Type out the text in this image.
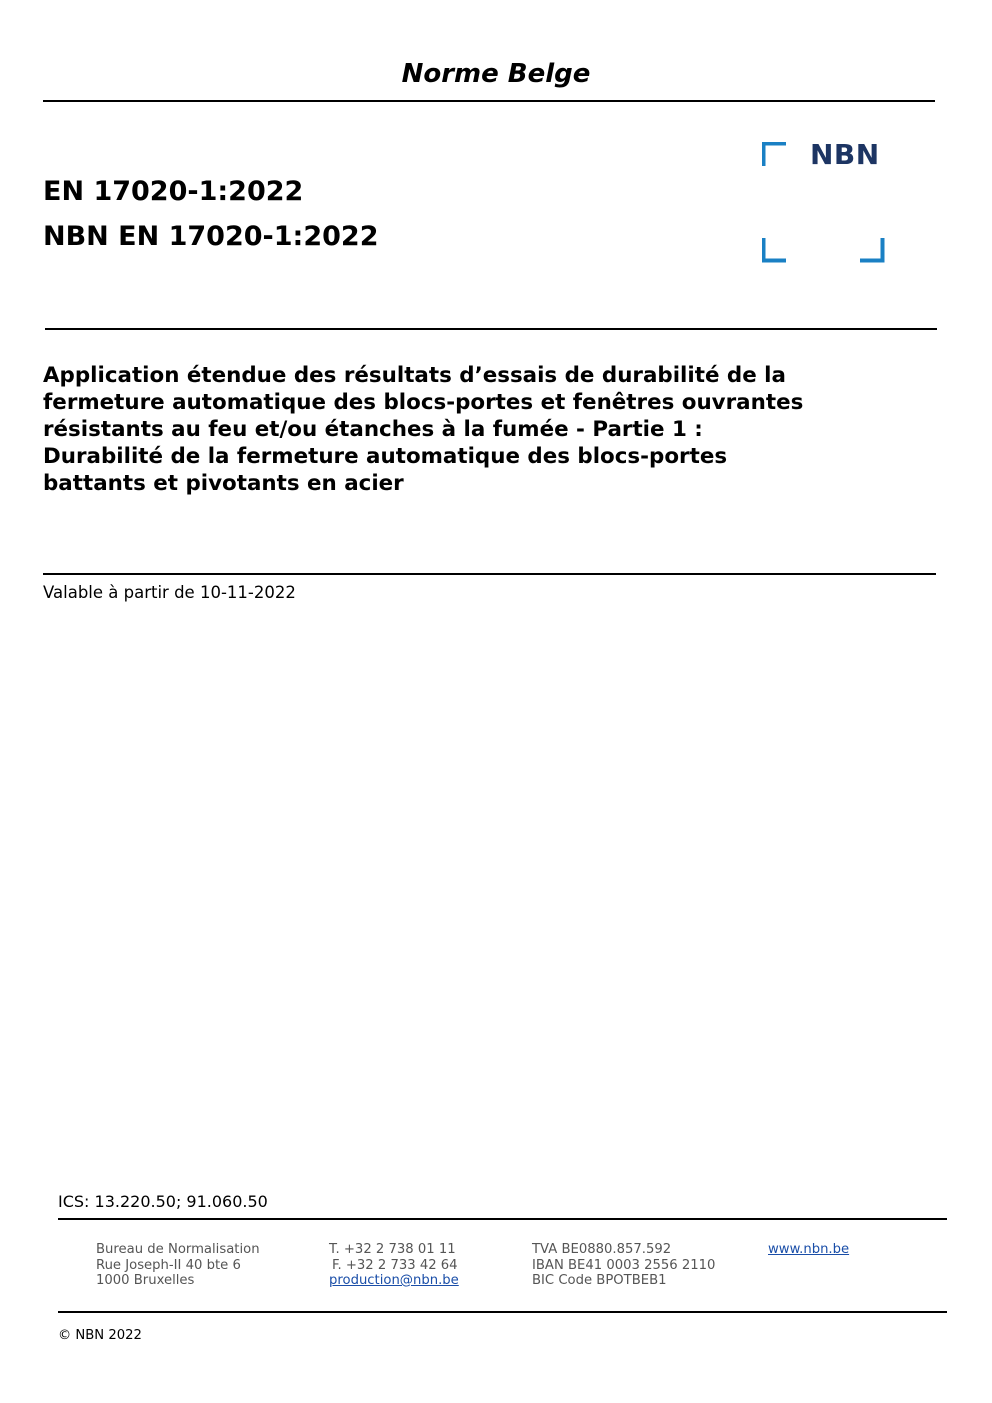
Norme Belge
EN 17020-1:2022
NBN EN 17020-1:2022
NBN
Application étendue des résultats d’essais de durabilité de la
fermeture automatique des blocs-portes et fenêtres ouvrantes
résistants au feu et/ou étanches à la fumée - Partie 1 :
Durabilité de la fermeture automatique des blocs-portes
battants et pivotants en acier
Valable à partir de 10-11-2022
ICS: 13.220.50; 91.060.50
Bureau de Normalisation
Rue Joseph-II 40 bte 6
1000 Bruxelles
T. +32 2 738 01 11
F. +32 2 733 42 64
production@nbn.be
TVA BE0880.857.592
IBAN BE41 0003 2556 2110
BIC Code BPOTBEB1
www.nbn.be
© NBN 2022
